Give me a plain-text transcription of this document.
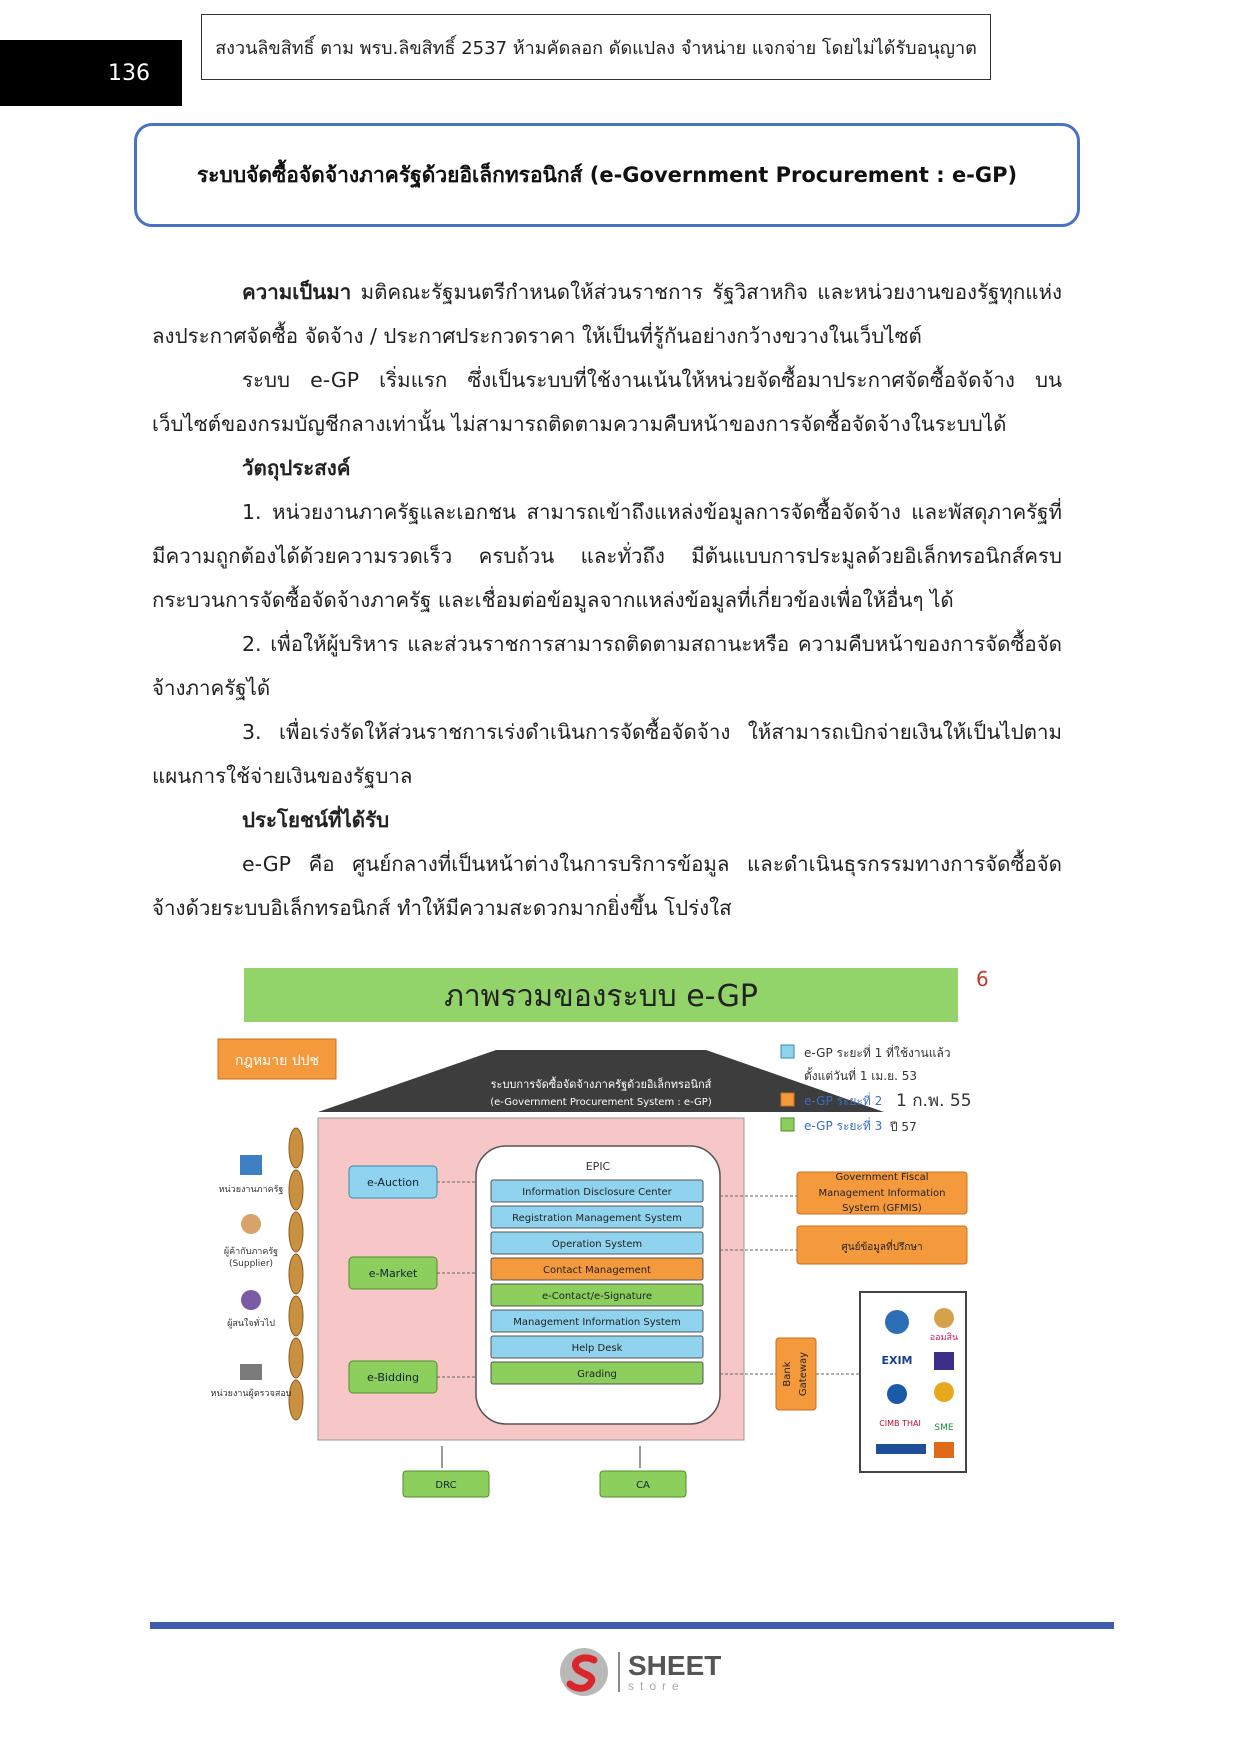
136
สงวนลิขสิทธิ์ ตาม พรบ.ลิขสิทธิ์ 2537 ห้ามคัดลอก ดัดแปลง จำหน่าย แจกจ่าย โดยไม่ได้รับอนุญาต
ระบบจัดซื้อจัดจ้างภาครัฐด้วยอิเล็กทรอนิกส์ (e-Government Procurement : e-GP)

ความเป็นมา มติคณะรัฐมนตรีกำหนดให้ส่วนราชการ รัฐวิสาหกิจ และหน่วยงานของรัฐทุกแห่งลงประกาศจัดซื้อ จัดจ้าง / ประกาศประกวดราคา ให้เป็นที่รู้กันอย่างกว้างขวางในเว็บไซต์

ระบบ e-GP เริ่มแรก ซึ่งเป็นระบบที่ใช้งานเน้นให้หน่วยจัดซื้อมาประกาศจัดซื้อจัดจ้าง บนเว็บไซต์ของกรมบัญชีกลางเท่านั้น ไม่สามารถติดตามความคืบหน้าของการจัดซื้อจัดจ้างในระบบได้

วัตถุประสงค์

1. หน่วยงานภาครัฐและเอกชน สามารถเข้าถึงแหล่งข้อมูลการจัดซื้อจัดจ้าง และพัสดุภาครัฐที่มีความถูกต้องได้ด้วยความรวดเร็ว ครบถ้วน และทั่วถึง มีต้นแบบการประมูลด้วยอิเล็กทรอนิกส์ครบกระบวนการจัดซื้อจัดจ้างภาครัฐ และเชื่อมต่อข้อมูลจากแหล่งข้อมูลที่เกี่ยวข้องเพื่อให้อื่นๆ ได้

2. เพื่อให้ผู้บริหาร และส่วนราชการสามารถติดตามสถานะหรือ ความคืบหน้าของการจัดซื้อจัดจ้างภาครัฐได้

3. เพื่อเร่งรัดให้ส่วนราชการเร่งดำเนินการจัดซื้อจัดจ้าง ให้สามารถเบิกจ่ายเงินให้เป็นไปตามแผนการใช้จ่ายเงินของรัฐบาล

ประโยชน์ที่ได้รับ

e-GP คือ ศูนย์กลางที่เป็นหน้าต่างในการบริการข้อมูล และดำเนินธุรกรรมทางการจัดซื้อจัดจ้างด้วยระบบอิเล็กทรอนิกส์ ทำให้มีความสะดวกมากยิ่งขึ้น โปร่งใส

ภาพรวมของระบบ e-GP	6
กฎหมาย ปปช
ระบบการจัดซื้อจัดจ้างภาครัฐด้วยอิเล็กทรอนิกส์
(e-Government Procurement System : e-GP)
หน่วยงานภาครัฐ
ผู้ค้ากับภาครัฐ
(Supplier)
ผู้สนใจทั่วไป
หน่วยงานผู้ตรวจสอบ
e-Auction
e-Market
e-Bidding
EPIC
Information Disclosure Center
Registration Management System
Operation System
Contact Management
e-Contact/e-Signature
Management Information System
Help Desk
Grading
Government Fiscal
Management Information
System (GFMIS)
ศูนย์ข้อมูลที่ปรึกษา
Bank Gateway
ออมสิน
EXIM
CIMB THAI SME
DRC	CA
e-GP ระยะที่ 1 ที่ใช้งานแล้ว
ตั้งแต่วันที่ 1 เม.ย. 53
e-GP ระยะที่ 2 1 ก.พ. 55
e-GP ระยะที่ 3 ปี 57
SHEET
store
